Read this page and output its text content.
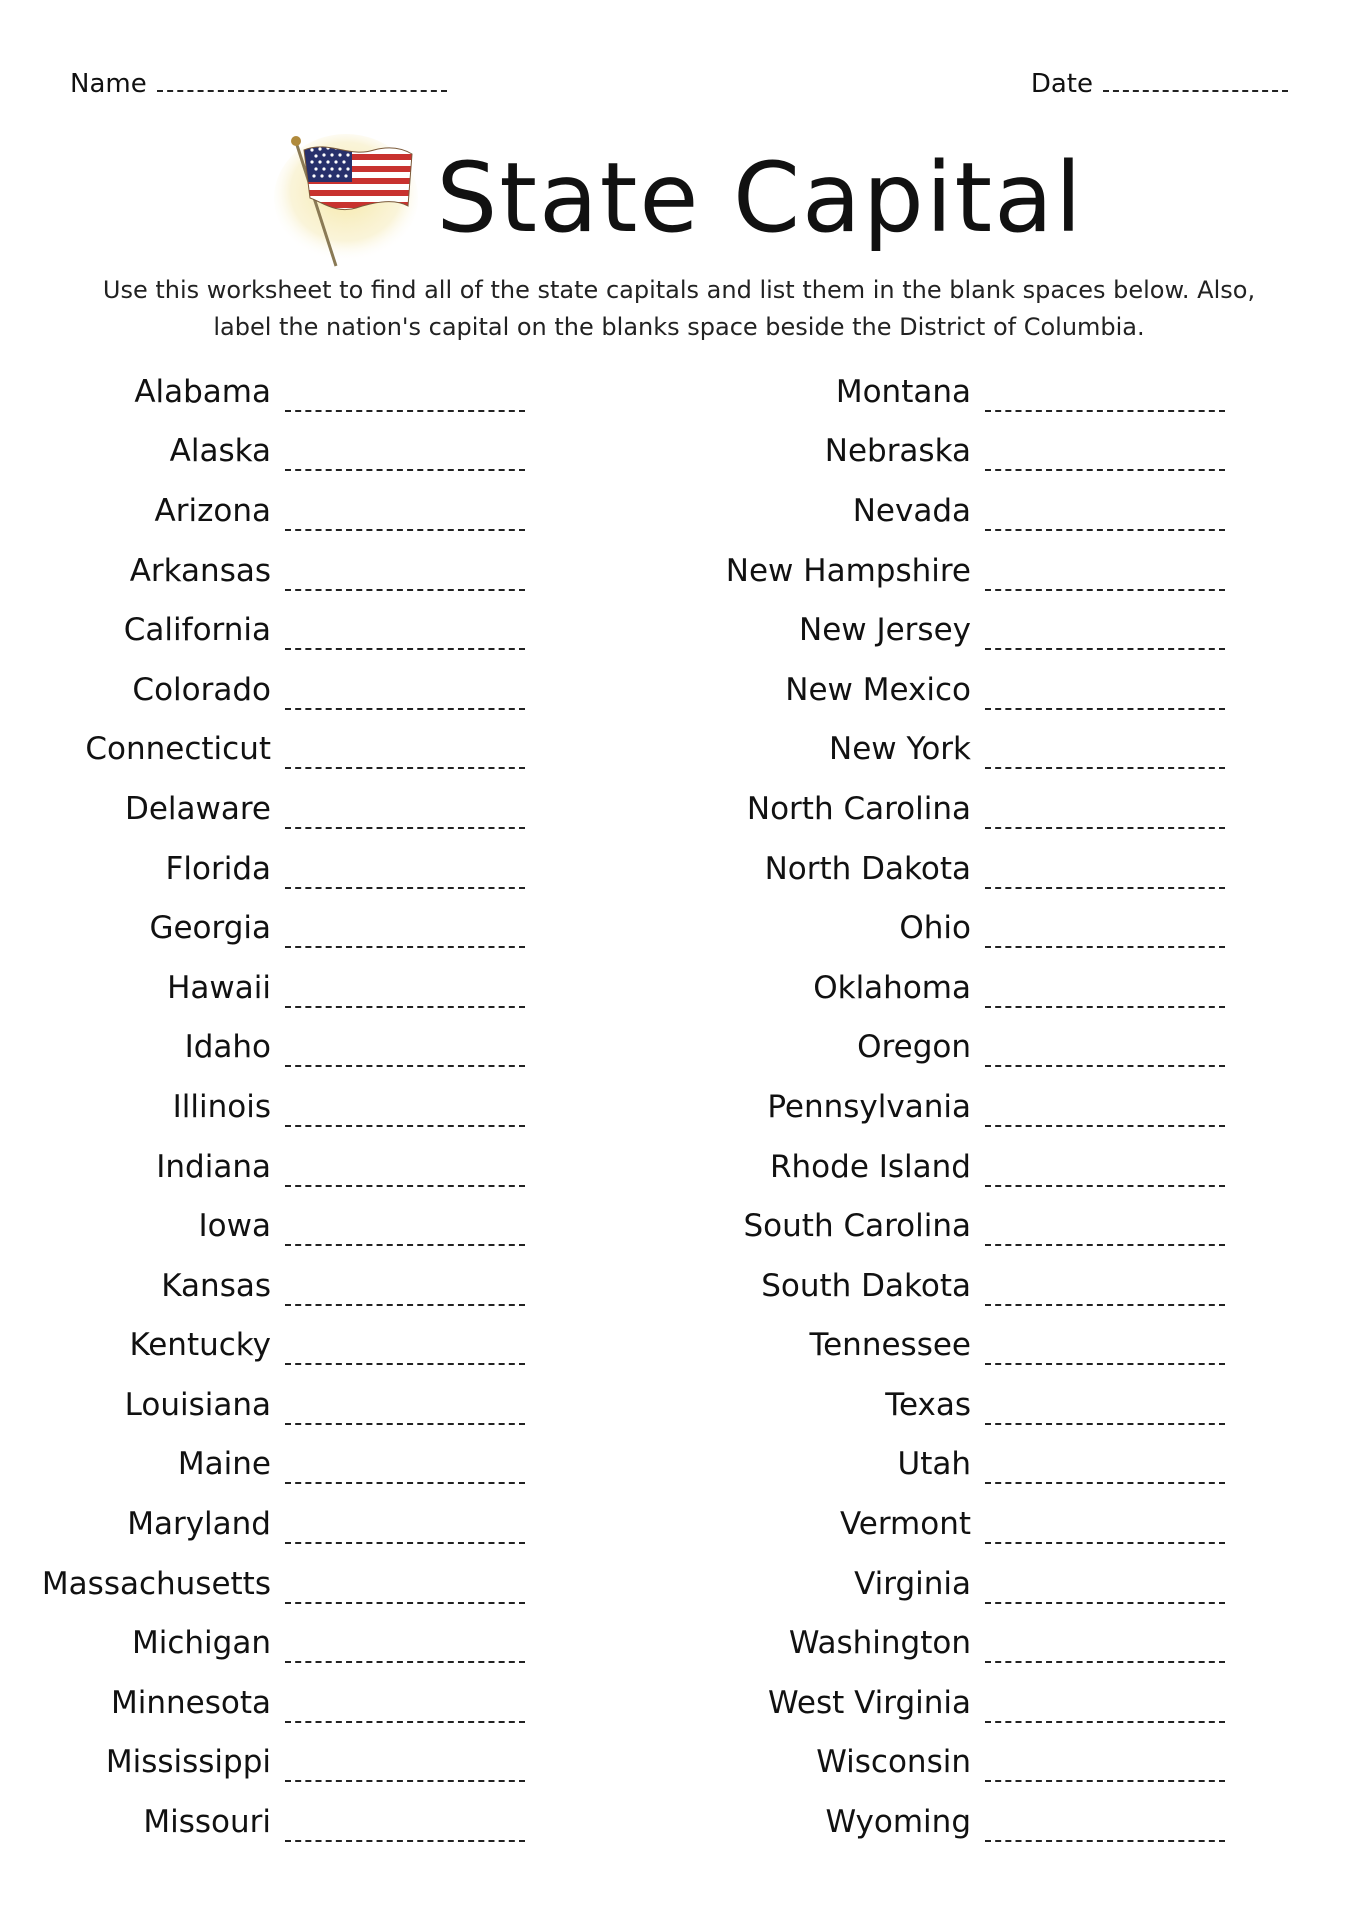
Name	Date
State Capital
Use this worksheet to find all of the state capitals and list them in the blank spaces below. Also, label the nation's capital on the blanks space beside the District of Columbia.
Alabama
Alaska
Arizona
Arkansas
California
Colorado
Connecticut
Delaware
Florida
Georgia
Hawaii
Idaho
Illinois
Indiana
Iowa
Kansas
Kentucky
Louisiana
Maine
Maryland
Massachusetts
Michigan
Minnesota
Mississippi
Missouri
Montana
Nebraska
Nevada
New Hampshire
New Jersey
New Mexico
New York
North Carolina
North Dakota
Ohio
Oklahoma
Oregon
Pennsylvania
Rhode Island
South Carolina
South Dakota
Tennessee
Texas
Utah
Vermont
Virginia
Washington
West Virginia
Wisconsin
Wyoming
